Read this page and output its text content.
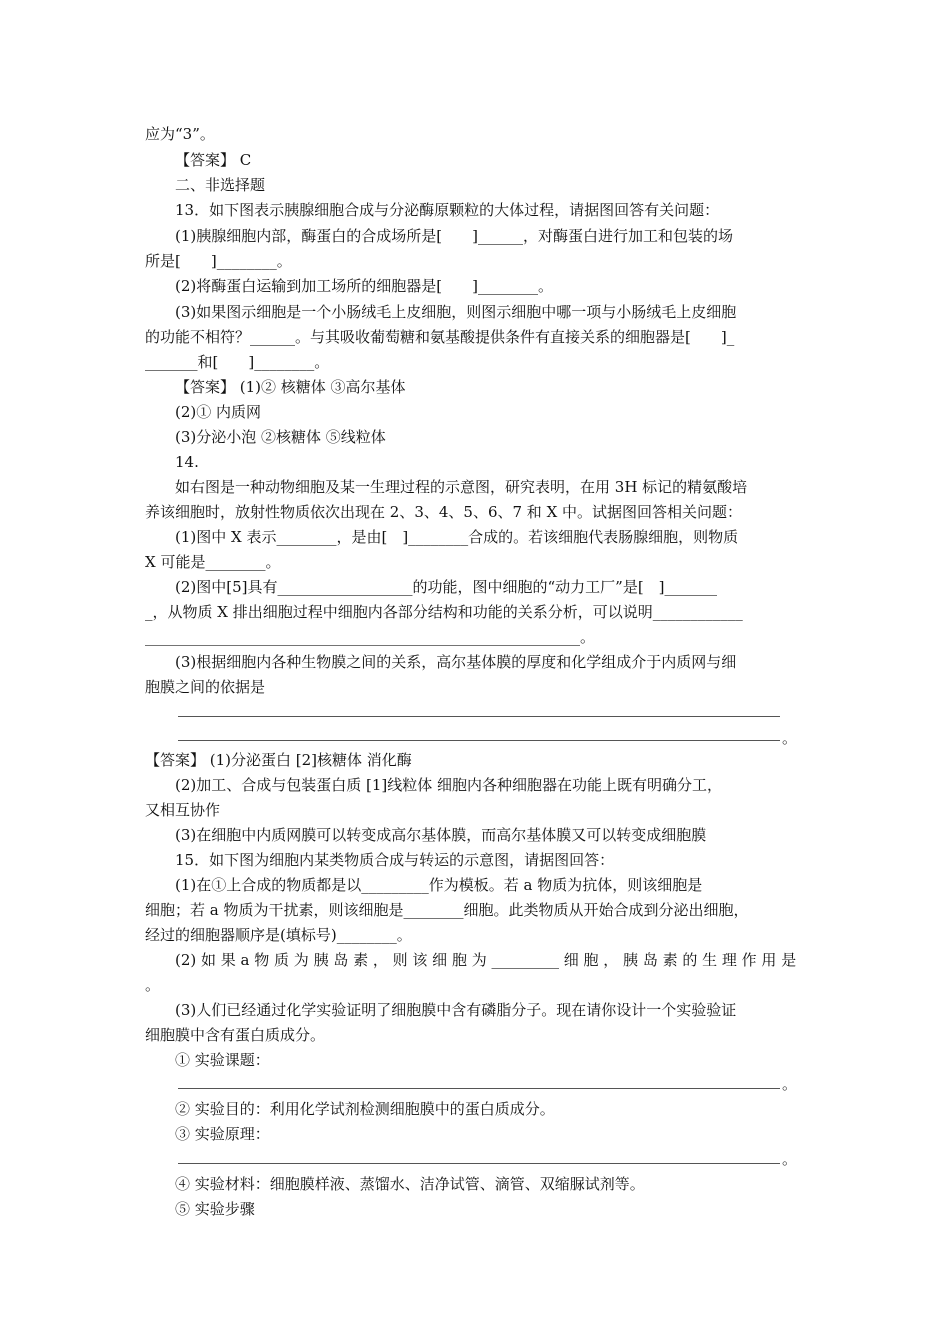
应为“3”。
【答案】 C
二、非选择题
13．如下图表示胰腺细胞合成与分泌酶原颗粒的大体过程，请据图回答有关问题：
(1)胰腺细胞内部，酶蛋白的合成场所是[　　]______，对酶蛋白进行加工和包装的场
所是[　　]________。
(2)将酶蛋白运输到加工场所的细胞器是[　　]________。
(3)如果图示细胞是一个小肠绒毛上皮细胞，则图示细胞中哪一项与小肠绒毛上皮细胞
的功能不相符？______。与其吸收葡萄糖和氨基酸提供条件有直接关系的细胞器是[　　]_
_______和[　　]________。
【答案】 (1)② 核糖体 ③高尔基体
(2)① 内质网
(3)分泌小泡 ②核糖体 ⑤线粒体
14.
如右图是一种动物细胞及某一生理过程的示意图，研究表明，在用 3H 标记的精氨酸培
养该细胞时，放射性物质依次出现在 2、3、4、5、6、7 和 X 中。试据图回答相关问题：
(1)图中 X 表示________，是由[　]________合成的。若该细胞代表肠腺细胞，则物质
X 可能是________。
(2)图中[5]具有__________________的功能，图中细胞的“动力工厂”是[　]_______
_，从物质 X 排出细胞过程中细胞内各部分结构和功能的关系分析，可以说明____________
__________________________________________________________。
(3)根据细胞内各种生物膜之间的关系，高尔基体膜的厚度和化学组成介于内质网与细
胞膜之间的依据是
。
【答案】 (1)分泌蛋白 [2]核糖体 消化酶
(2)加工、合成与包装蛋白质 [1]线粒体 细胞内各种细胞器在功能上既有明确分工，
又相互协作
(3)在细胞中内质网膜可以转变成高尔基体膜，而高尔基体膜又可以转变成细胞膜
15．如下图为细胞内某类物质合成与转运的示意图，请据图回答：
(1)在①上合成的物质都是以_________作为模板。若 a 物质为抗体，则该细胞是
细胞；若 a 物质为干扰素，则该细胞是________细胞。此类物质从开始合成到分泌出细胞，
经过的细胞器顺序是(填标号)________。
(2) 如 果 a 物 质 为 胰 岛 素 ， 则 该 细 胞 为 _________ 细 胞 ， 胰 岛 素 的 生 理 作 用 是
。
(3)人们已经通过化学实验证明了细胞膜中含有磷脂分子。现在请你设计一个实验验证
细胞膜中含有蛋白质成分。
① 实验课题：
。
② 实验目的：利用化学试剂检测细胞膜中的蛋白质成分。
③ 实验原理：
。
④ 实验材料：细胞膜样液、蒸馏水、洁净试管、滴管、双缩脲试剂等。
⑤ 实验步骤
